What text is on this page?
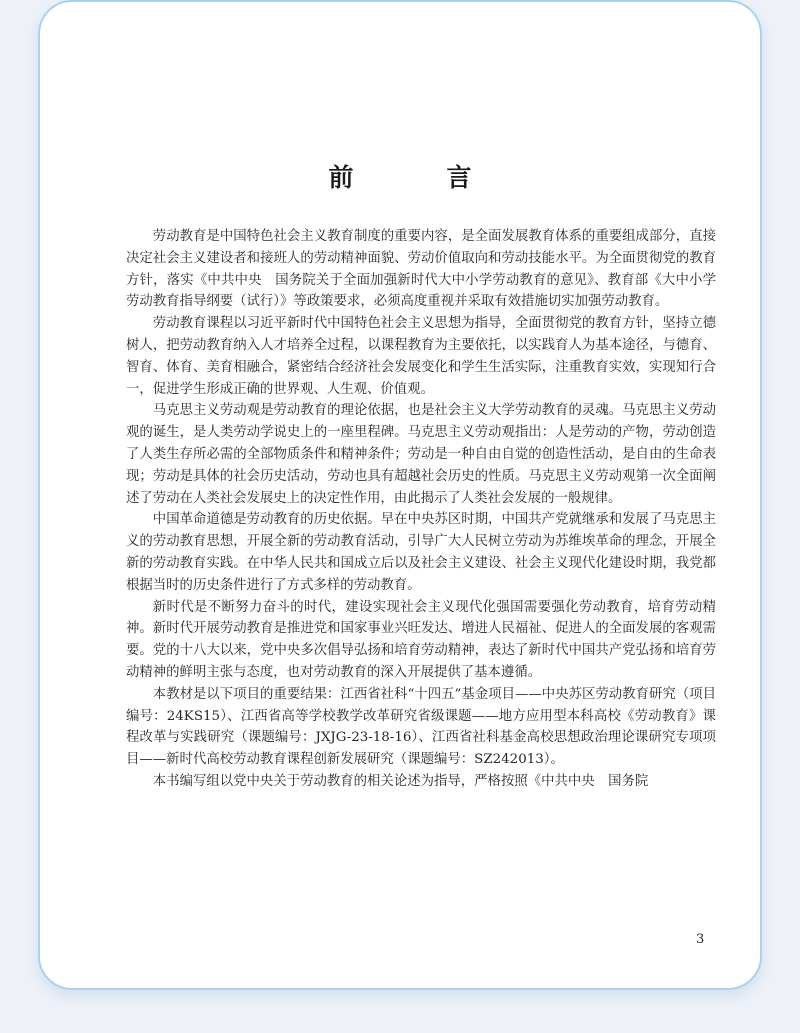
前　言

劳动教育是中国特色社会主义教育制度的重要内容，是全面发展教育体系的重要组成部分，直接决定社会主义建设者和接班人的劳动精神面貌、劳动价值取向和劳动技能水平。为全面贯彻党的教育方针，落实《中共中央　国务院关于全面加强新时代大中小学劳动教育的意见》、教育部《大中小学劳动教育指导纲要（试行）》等政策要求，必须高度重视并采取有效措施切实加强劳动教育。

劳动教育课程以习近平新时代中国特色社会主义思想为指导，全面贯彻党的教育方针，坚持立德树人，把劳动教育纳入人才培养全过程，以课程教育为主要依托，以实践育人为基本途径，与德育、智育、体育、美育相融合，紧密结合经济社会发展变化和学生生活实际，注重教育实效，实现知行合一，促进学生形成正确的世界观、人生观、价值观。

马克思主义劳动观是劳动教育的理论依据，也是社会主义大学劳动教育的灵魂。马克思主义劳动观的诞生，是人类劳动学说史上的一座里程碑。马克思主义劳动观指出：人是劳动的产物，劳动创造了人类生存所必需的全部物质条件和精神条件；劳动是一种自由自觉的创造性活动，是自由的生命表现；劳动是具体的社会历史活动，劳动也具有超越社会历史的性质。马克思主义劳动观第一次全面阐述了劳动在人类社会发展史上的决定性作用，由此揭示了人类社会发展的一般规律。

中国革命道德是劳动教育的历史依据。早在中央苏区时期，中国共产党就继承和发展了马克思主义的劳动教育思想，开展全新的劳动教育活动，引导广大人民树立劳动为苏维埃革命的理念，开展全新的劳动教育实践。在中华人民共和国成立后以及社会主义建设、社会主义现代化建设时期，我党都根据当时的历史条件进行了方式多样的劳动教育。

新时代是不断努力奋斗的时代，建设实现社会主义现代化强国需要强化劳动教育，培育劳动精神。新时代开展劳动教育是推进党和国家事业兴旺发达、增进人民福祉、促进人的全面发展的客观需要。党的十八大以来，党中央多次倡导弘扬和培育劳动精神，表达了新时代中国共产党弘扬和培育劳动精神的鲜明主张与态度，也对劳动教育的深入开展提供了基本遵循。

本教材是以下项目的重要结果：江西省社科“十四五”基金项目——中央苏区劳动教育研究（项目编号：24KS15）、江西省高等学校教学改革研究省级课题——地方应用型本科高校《劳动教育》课程改革与实践研究（课题编号：JXJG-23-18-16）、江西省社科基金高校思想政治理论课研究专项项目——新时代高校劳动教育课程创新发展研究（课题编号：SZ242013）。

本书编写组以党中央关于劳动教育的相关论述为指导，严格按照《中共中央　国务院

3
